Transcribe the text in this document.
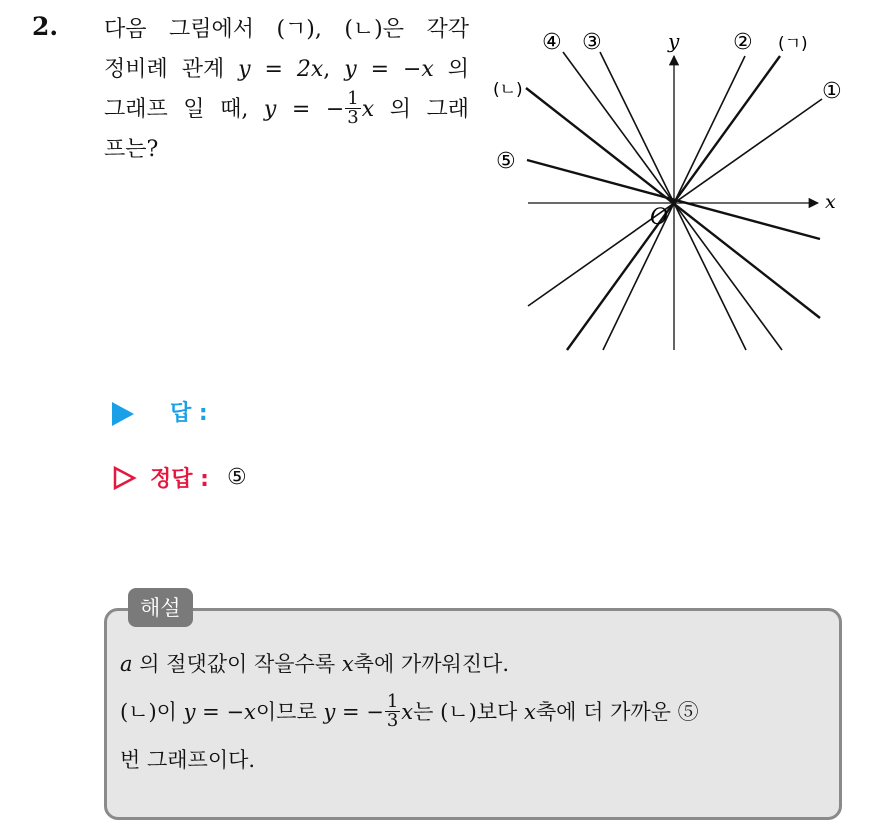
2. 다음 그림에서 (ㄱ), (ㄴ)은 각각
정비례 관계 y = 2x, y = −x 의
그래프 일 때, y = − $\frac{1}{3}$ x 의 그래
프는?
④ ③	y ② (ㄱ)
①
(ㄴ)
⑤
x
O
답 :
정답 : ⑤
해설
a 의 절댓값이 작을수록 x축에 가까워진다.
(ㄴ)이 y = −x이므로 y = − $\frac{1}{3}$ x는 (ㄴ)보다 x축에 더 가까운 ⑤
번 그래프이다.
